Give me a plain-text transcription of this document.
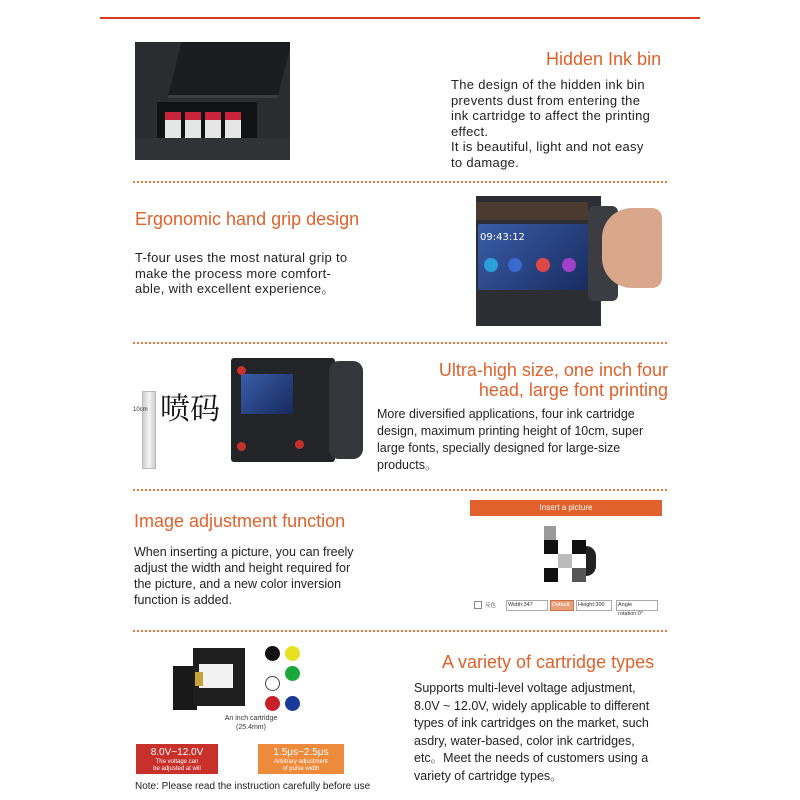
Hidden Ink bin

The design of the hidden ink bin

prevents dust from entering the

ink cartridge to affect the printing

effect.

It is beautiful, light and not easy

to damage.

Ergonomic hand grip design

T-four uses the most natural grip to

make the process more comfort-

able, with excellent experience。

09:43:12
10cm 喷码
Ultra-high size, one inch four
head, large font printing

More diversified applications, four ink cartridge

design, maximum printing height of 10cm, super

large fonts, specially designed for large-size

products。

Image adjustment function

When inserting a picture, you can freely

adjust the width and height required for

the picture, and a new color inversion

function is added.

Insert a picture
反色	Width:347	Default	Height:300	Angle rotation:0°
An inch cartridge
(25.4mm)
8.0V~12.0V
The voltage can
be adjusted at will
1.5μs~2.5μs
Arbitrary adjustment
of pulse width
A variety of cartridge types

Supports multi-level voltage adjustment,

8.0V ~ 12.0V, widely applicable to different

types of ink cartridges on the market, such

asdry, water-based, color ink cartridges,

etc。Meet the needs of customers using a

variety of cartridge types。

Note: Please read the instruction carefully before use
